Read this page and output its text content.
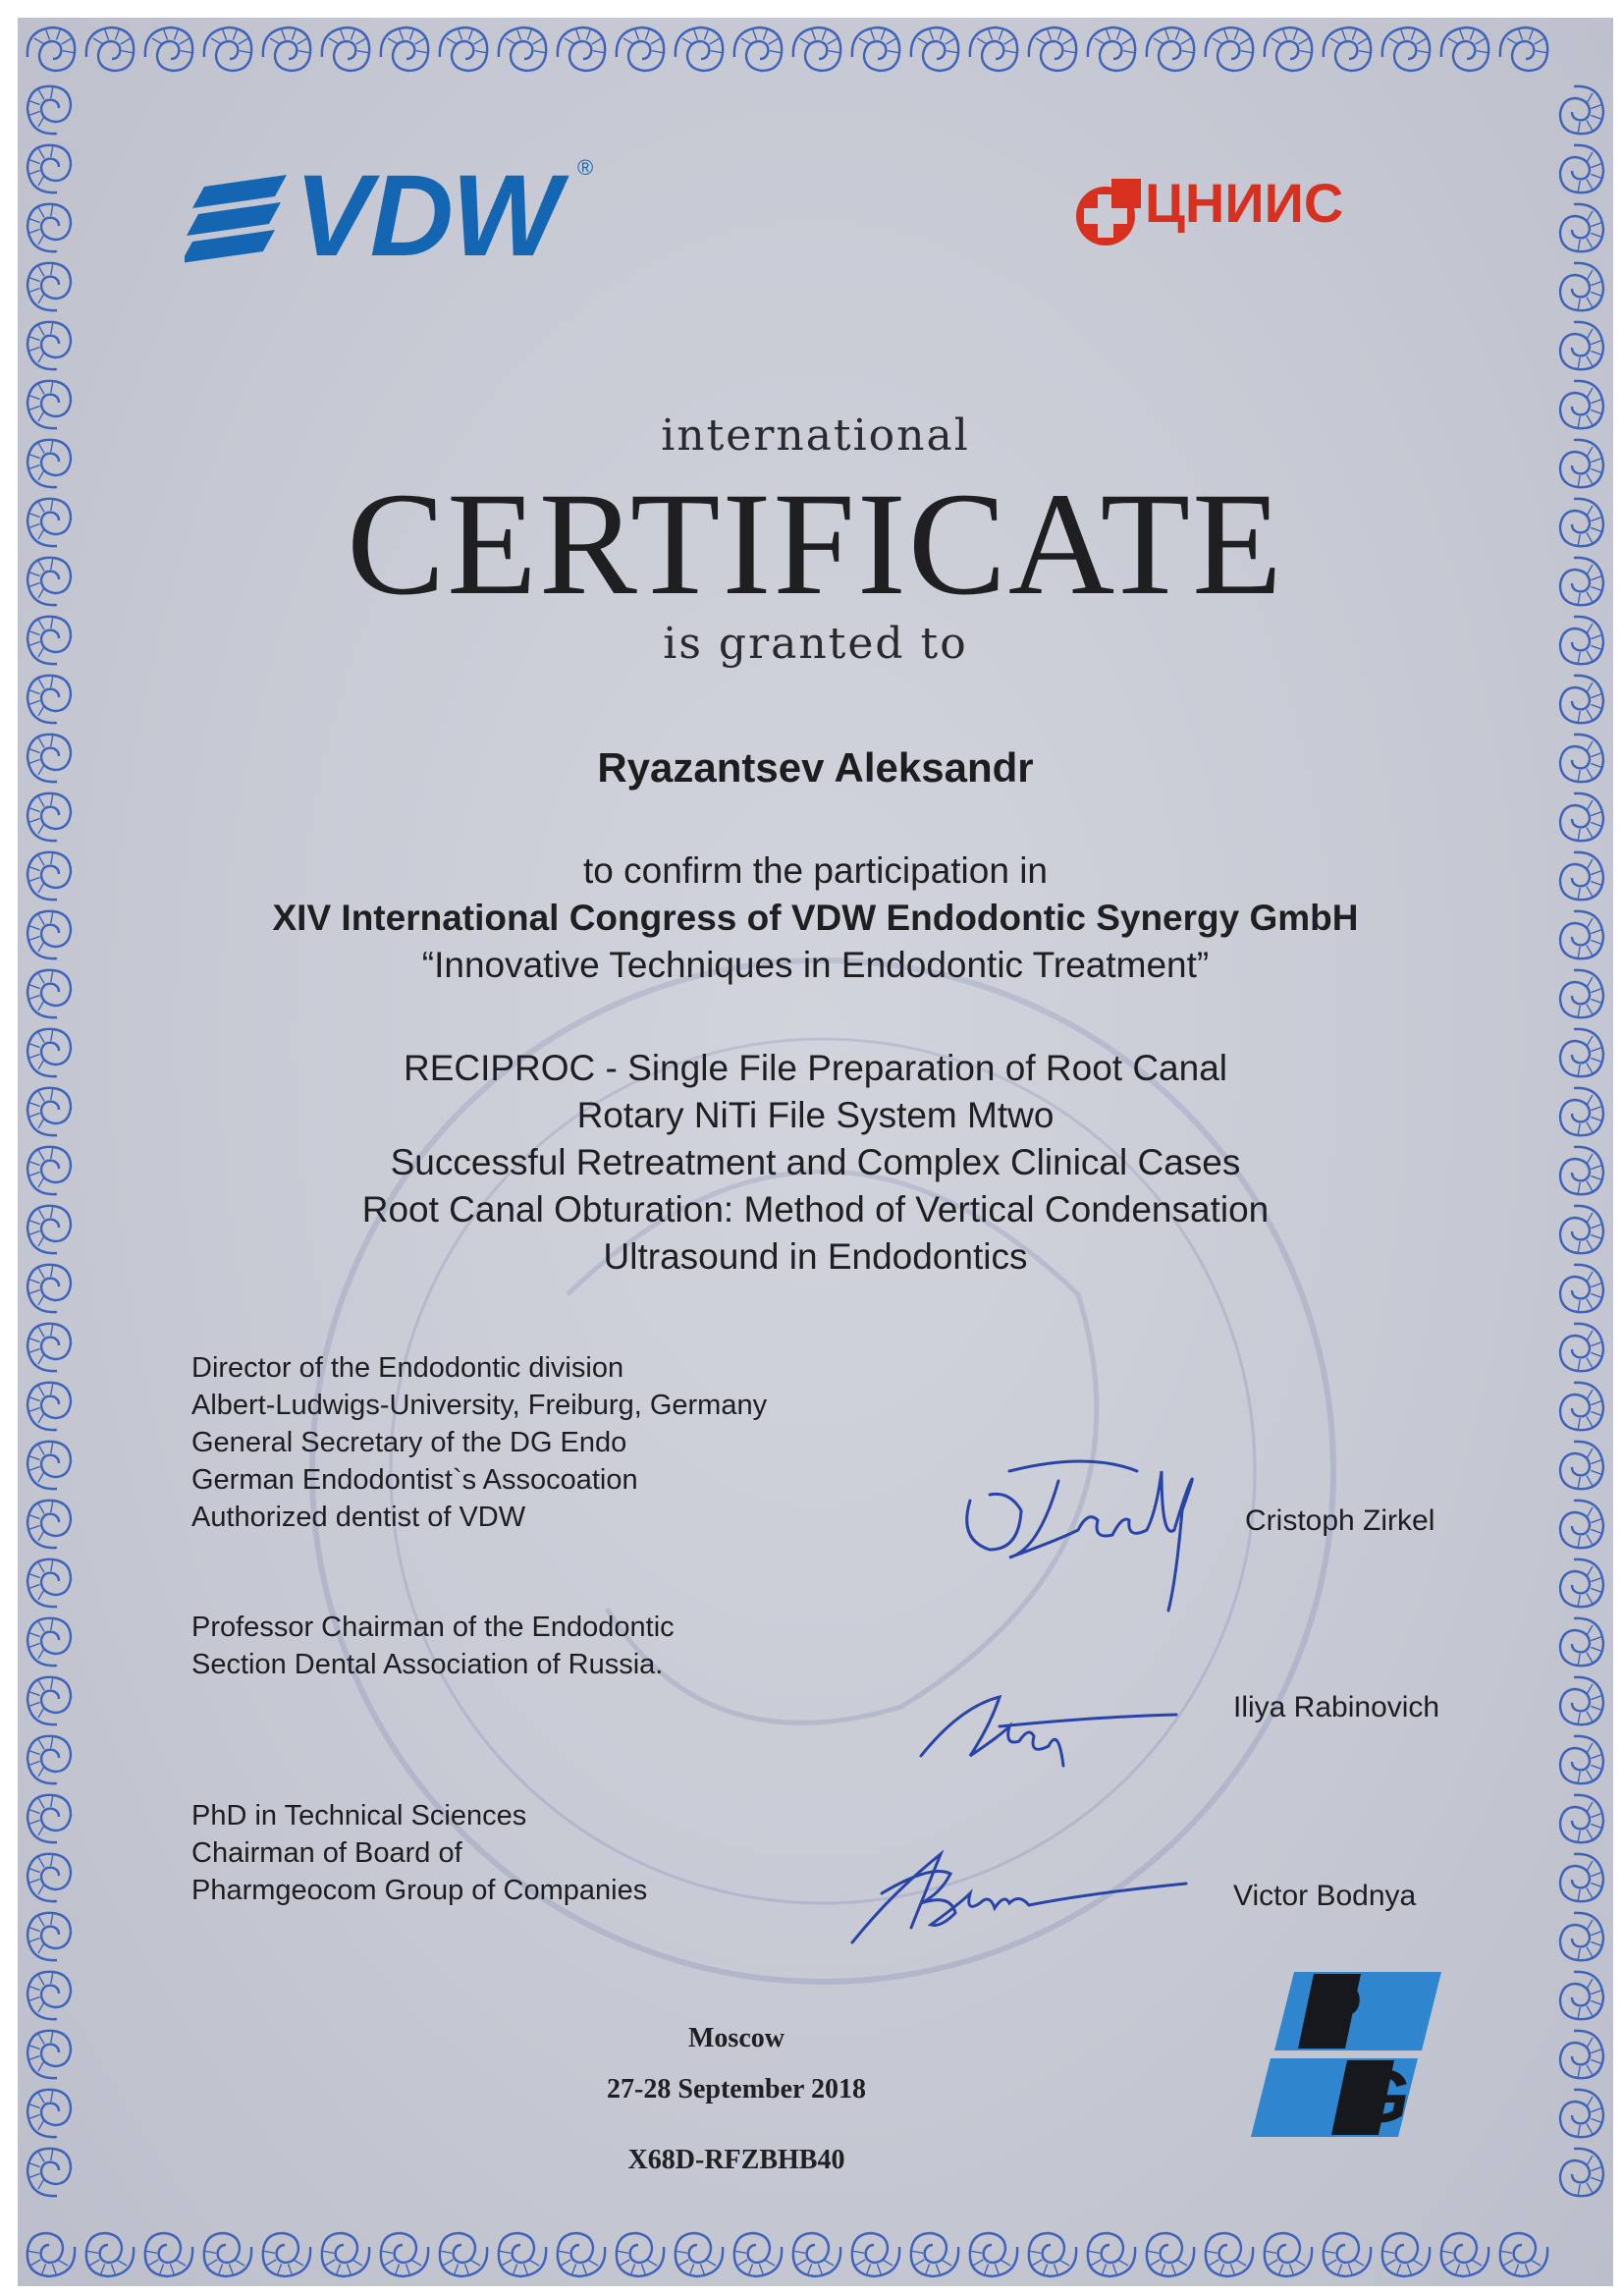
VDW ®
ЦНИИС
international
CERTIFICATE
is granted to
Ryazantsev Aleksandr
to confirm the participation in
XIV International Congress of VDW Endodontic Synergy GmbH
“Innovative Techniques in Endodontic Treatment”
RECIPROC - Single File Preparation of Root Canal
Rotary NiTi File System Mtwo
Successful Retreatment and Complex Clinical Cases
Root Canal Obturation: Method of Vertical Condensation
Ultrasound in Endodontics
Director of the Endodontic division
Albert-Ludwigs-University, Freiburg, Germany
General Secretary of the DG Endo
German Endodontist`s Assocoation
Authorized dentist of VDW	Cristoph Zirkel
Professor Chairman of the Endodontic
Section Dental Association of Russia.
Iliya Rabinovich
PhD in Technical Sciences
Chairman of Board of
Pharmgeocom Group of Companies	Victor Bodnya
Moscow
27-28 September 2018
X68D-RFZBHB40
P
G
